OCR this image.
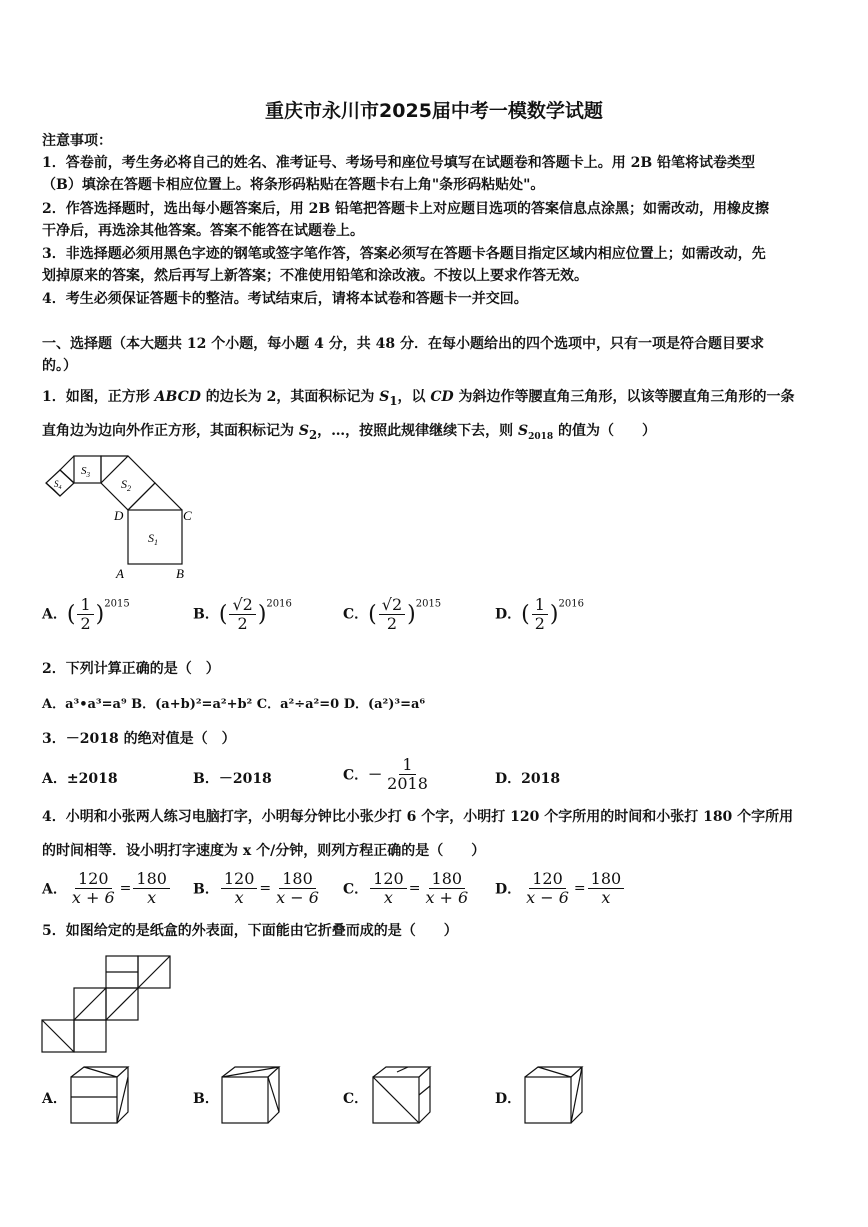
重庆市永川市2025届中考一模数学试题
注意事项：
1．答卷前，考生务必将自己的姓名、准考证号、考场号和座位号填写在试题卷和答题卡上。用 2B 铅笔将试卷类型
（B）填涂在答题卡相应位置上。将条形码粘贴在答题卡右上角"条形码粘贴处"。
2．作答选择题时，选出每小题答案后，用 2B 铅笔把答题卡上对应题目选项的答案信息点涂黑；如需改动，用橡皮擦
干净后，再选涂其他答案。答案不能答在试题卷上。
3．非选择题必须用黑色字迹的钢笔或签字笔作答，答案必须写在答题卡各题目指定区域内相应位置上；如需改动，先
划掉原来的答案，然后再写上新答案；不准使用铅笔和涂改液。不按以上要求作答无效。
4．考生必须保证答题卡的整洁。考试结束后，请将本试卷和答题卡一并交回。
一、选择题（本大题共 12 个小题，每小题 4 分，共 48 分．在每小题给出的四个选项中，只有一项是符合题目要求
的。）
1．如图，正方形 ABCD 的边长为 2，其面积标记为 $S_1$，以 CD 为斜边作等腰直角三角形，以该等腰直角三角形的一条
直角边为边向外作正方形，其面积标记为 $S_2$，…，按照此规律继续下去，则 $S_{2018}$ 的值为（　　）
A	B
C
D
$S_1$
$S_2$
$S_3$
$S_4$
A．( $\frac{1}{2} )^{2015}$
B．( $\frac{√2}{2} )^{2016}$
C．( $\frac{√2}{2} )^{2015}$
D．( $\frac{1}{2} )^{2016}$
2．下列计算正确的是（　）
A．a³•a³=a⁹ B．(a+b)²=a²+b² C．a²÷a²=0 D．(a²)³=a⁶
3．－2018 的绝对值是（　）
A．±2018	B．－2018	C．－ $\frac{1}{2018}$	D．2018
4．小明和小张两人练习电脑打字，小明每分钟比小张少打 6 个字，小明打 120 个字所用的时间和小张打 180 个字所用
的时间相等．设小明打字速度为 x 个/分钟，则列方程正确的是（　　）
A． $\frac{120}{x + 6} = \frac{180}{x}$ B． $\frac{120}{x} = \frac{180}{x - 6}$ C． $\frac{120}{x} = \frac{180}{x + 6}$ D． $\frac{120}{x - 6} = \frac{180}{x}$
5．如图给定的是纸盒的外表面，下面能由它折叠而成的是（　　）
A．	B．	C．	D．
